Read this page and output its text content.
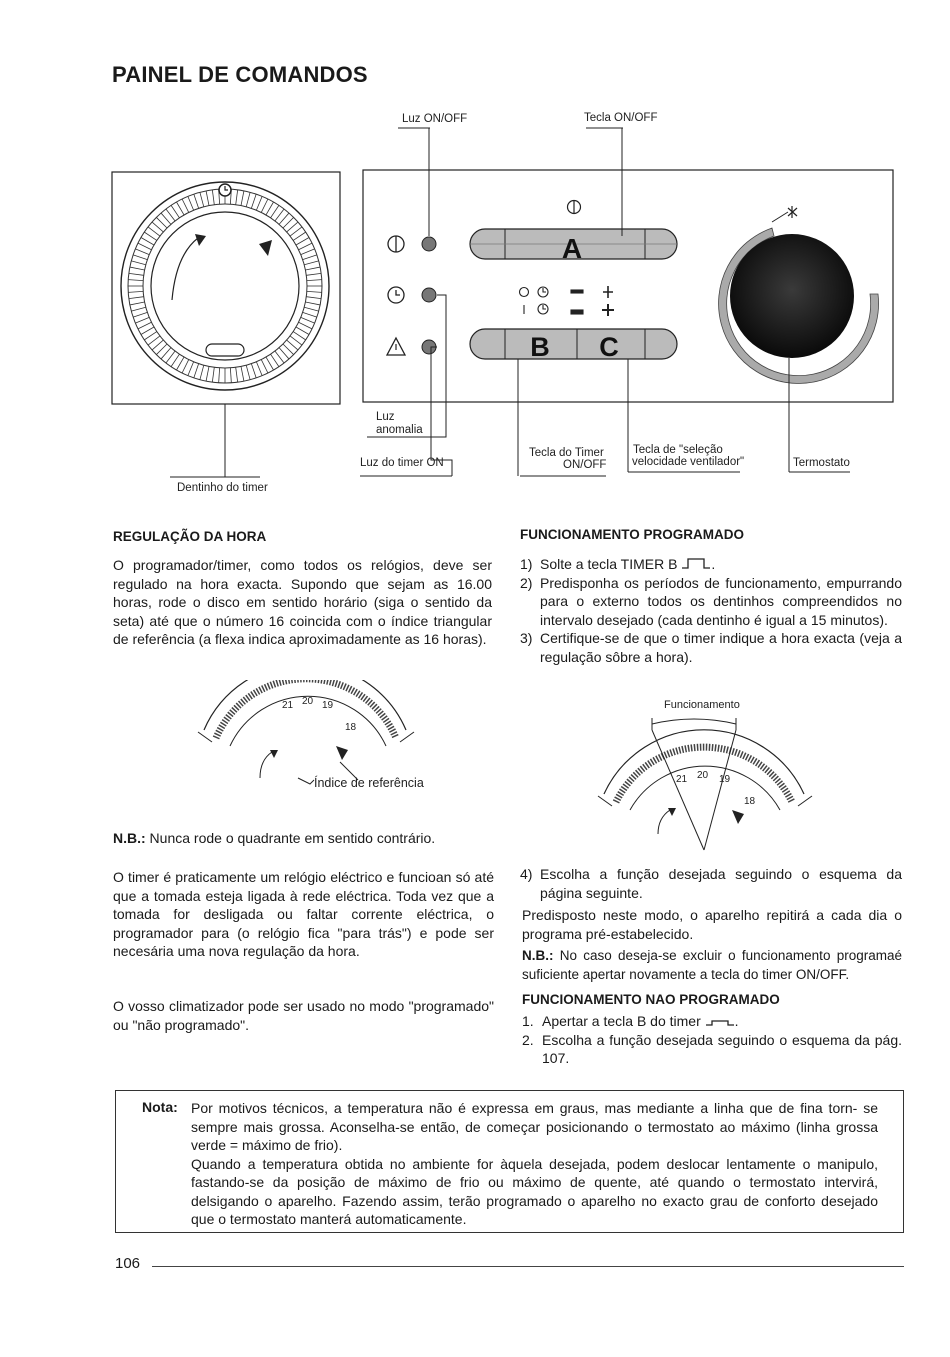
PAINEL DE COMANDOS
A
B C
Luz ON/OFF	Tecla ON/OFF
Luz
anomalia
Luz do timer ON
Tecla do Timer
ON/OFF
Tecla de "seleção
velocidade ventilador"	Termostato
Dentinho do timer
REGULAÇÃO DA HORA
O programador/timer, como todos os relógios, deve ser regulado na hora exacta. Supondo que sejam as 16.00 horas, rode o disco em sentido horário (siga o sentido da seta) até que o número 16 coincida com o índice triangular de referência (a flexa indica aproximadamente as 16 horas).
21 20 19
18
Índice de referência
N.B.: Nunca rode o quadrante em sentido contrário.
O timer é praticamente um relógio eléctrico e funcioan só até que a tomada esteja ligada à rede eléctrica. Toda vez que a tomada for desligada ou faltar corrente eléctrica, o programador para (o relógio fica "para trás") e pode ser necesária uma nova regulação da hora.
O vosso climatizador pode ser usado no modo "programado" ou "não programado".
FUNCIONAMENTO PROGRAMADO
1) Solte a tecla TIMER B .
2) Predisponha os períodos de funcionamento, empurrando para o externo todos os dentinhos compreendidos no intervalo desejado (cada dentinho é igual a 15 minutos).
3) Certifique-se de que o timer indique a hora exacta (veja a regulação sôbre a hora).
Funcionamento
21 20 19
18
4) Escolha a função desejada seguindo o esquema da página seguinte.
Predisposto neste modo, o aparelho repitirá a cada dia o programa pré-estabelecido.
N.B.: No caso deseja-se excluir o funcionamento programaé suficiente apertar novamente a tecla do timer ON/OFF.
FUNCIONAMENTO NAO PROGRAMADO
1. Apertar a tecla B do timer .
2. Escolha a função desejada seguindo o esquema da pág. 107.
Nota: Por motivos técnicos, a temperatura não é expressa em graus, mas mediante a linha que de fina torn- se sempre mais grossa. Aconselha-se então, de começar posicionando o termostato ao máximo (linha grossa verde = máximo de frio).

Quando a temperatura obtida no ambiente for àquela desejada, podem deslocar lentamente o manipulo, fastando-se da posição de máximo de frio ou máximo de quente, até quando o termostato intervirá, delsigando o aparelho. Fazendo assim, terão programado o aparelho no exacto grau de conforto desejado que o termostato manterá automaticamente.

106
